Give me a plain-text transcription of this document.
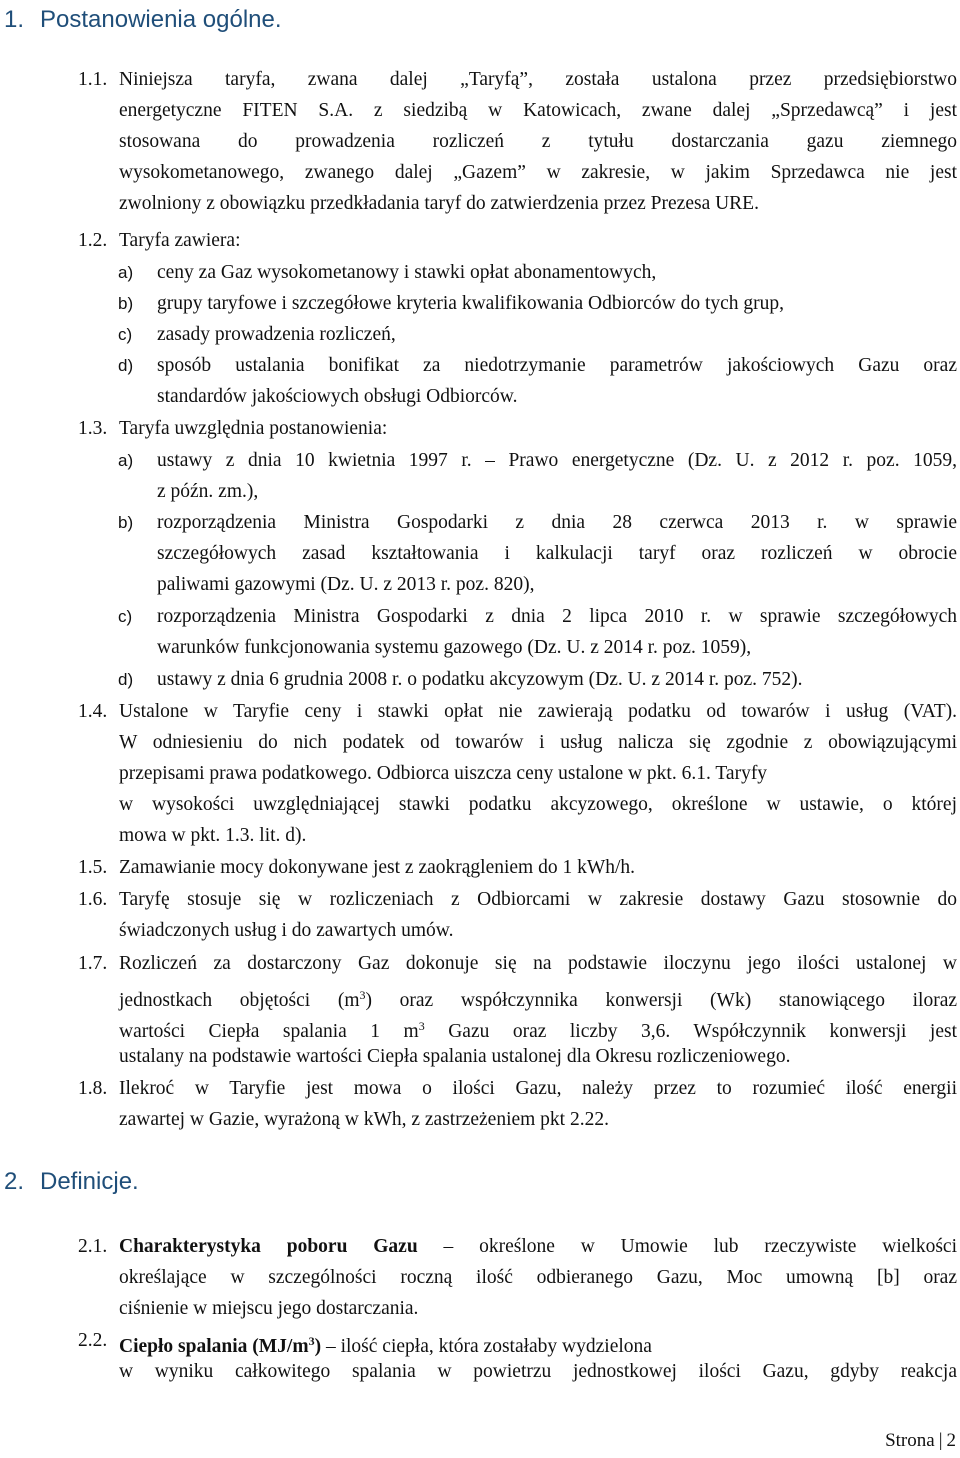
1. Postanowienia ogólne.
1.1. Niniejsza taryfa, zwana dalej „Taryfą”, została ustalona przez przedsiębiorstwo
energetyczne FITEN S.A. z siedzibą w Katowicach, zwane dalej „Sprzedawcą” i jest
stosowana do prowadzenia rozliczeń z tytułu dostarczania gazu ziemnego
wysokometanowego, zwanego dalej „Gazem” w zakresie, w jakim Sprzedawca nie jest
zwolniony z obowiązku przedkładania taryf do zatwierdzenia przez Prezesa URE.
1.2. Taryfa zawiera:
a) ceny za Gaz wysokometanowy i stawki opłat abonamentowych,
b) grupy taryfowe i szczegółowe kryteria kwalifikowania Odbiorców do tych grup,
c) zasady prowadzenia rozliczeń,
d) sposób ustalania bonifikat za niedotrzymanie parametrów jakościowych Gazu oraz
standardów jakościowych obsługi Odbiorców.
1.3. Taryfa uwzględnia postanowienia:
a) ustawy z dnia 10 kwietnia 1997 r. – Prawo energetyczne (Dz. U. z 2012 r. poz. 1059,
z późn. zm.),
b) rozporządzenia Ministra Gospodarki z dnia 28 czerwca 2013 r. w sprawie
szczegółowych zasad kształtowania i kalkulacji taryf oraz rozliczeń w obrocie
paliwami gazowymi (Dz. U. z 2013 r. poz. 820),
c) rozporządzenia Ministra Gospodarki z dnia 2 lipca 2010 r. w sprawie szczegółowych
warunków funkcjonowania systemu gazowego (Dz. U. z 2014 r. poz. 1059),
d) ustawy z dnia 6 grudnia 2008 r. o podatku akcyzowym (Dz. U. z 2014 r. poz. 752).
1.4. Ustalone w Taryfie ceny i stawki opłat nie zawierają podatku od towarów i usług (VAT).
W odniesieniu do nich podatek od towarów i usług nalicza się zgodnie z obowiązującymi
przepisami prawa podatkowego. Odbiorca uiszcza ceny ustalone w pkt. 6.1. Taryfy
w wysokości uwzględniającej stawki podatku akcyzowego, określone w ustawie, o której
mowa w pkt. 1.3. lit. d).
1.5. Zamawianie mocy dokonywane jest z zaokrągleniem do 1 kWh/h.
1.6. Taryfę stosuje się w rozliczeniach z Odbiorcami w zakresie dostawy Gazu stosownie do
świadczonych usług i do zawartych umów.
1.7. Rozliczeń za dostarczony Gaz dokonuje się na podstawie iloczynu jego ilości ustalonej w
jednostkach objętości $(m^3)$ oraz współczynnika konwersji (Wk) stanowiącego iloraz
wartości Ciepła spalania 1 $m^3$ Gazu oraz liczby 3,6. Współczynnik konwersji jest
ustalany na podstawie wartości Ciepła spalania ustalonej dla Okresu rozliczeniowego.
1.8. Ilekroć w Taryfie jest mowa o ilości Gazu, należy przez to rozumieć ilość energii
zawartej w Gazie, wyrażoną w kWh, z zastrzeżeniem pkt 2.22.
2. Definicje.
2.1. Charakterystyka poboru Gazu – określone w Umowie lub rzeczywiste wielkości
określające w szczególności roczną ilość odbieranego Gazu, Moc umowną [b] oraz
ciśnienie w miejscu jego dostarczania.
2.2. Ciepło spalania $(MJ/m^3)$ – ilość ciepła, która zostałaby wydzielona
w wyniku całkowitego spalania w powietrzu jednostkowej ilości Gazu, gdyby reakcja
Strona | 2
